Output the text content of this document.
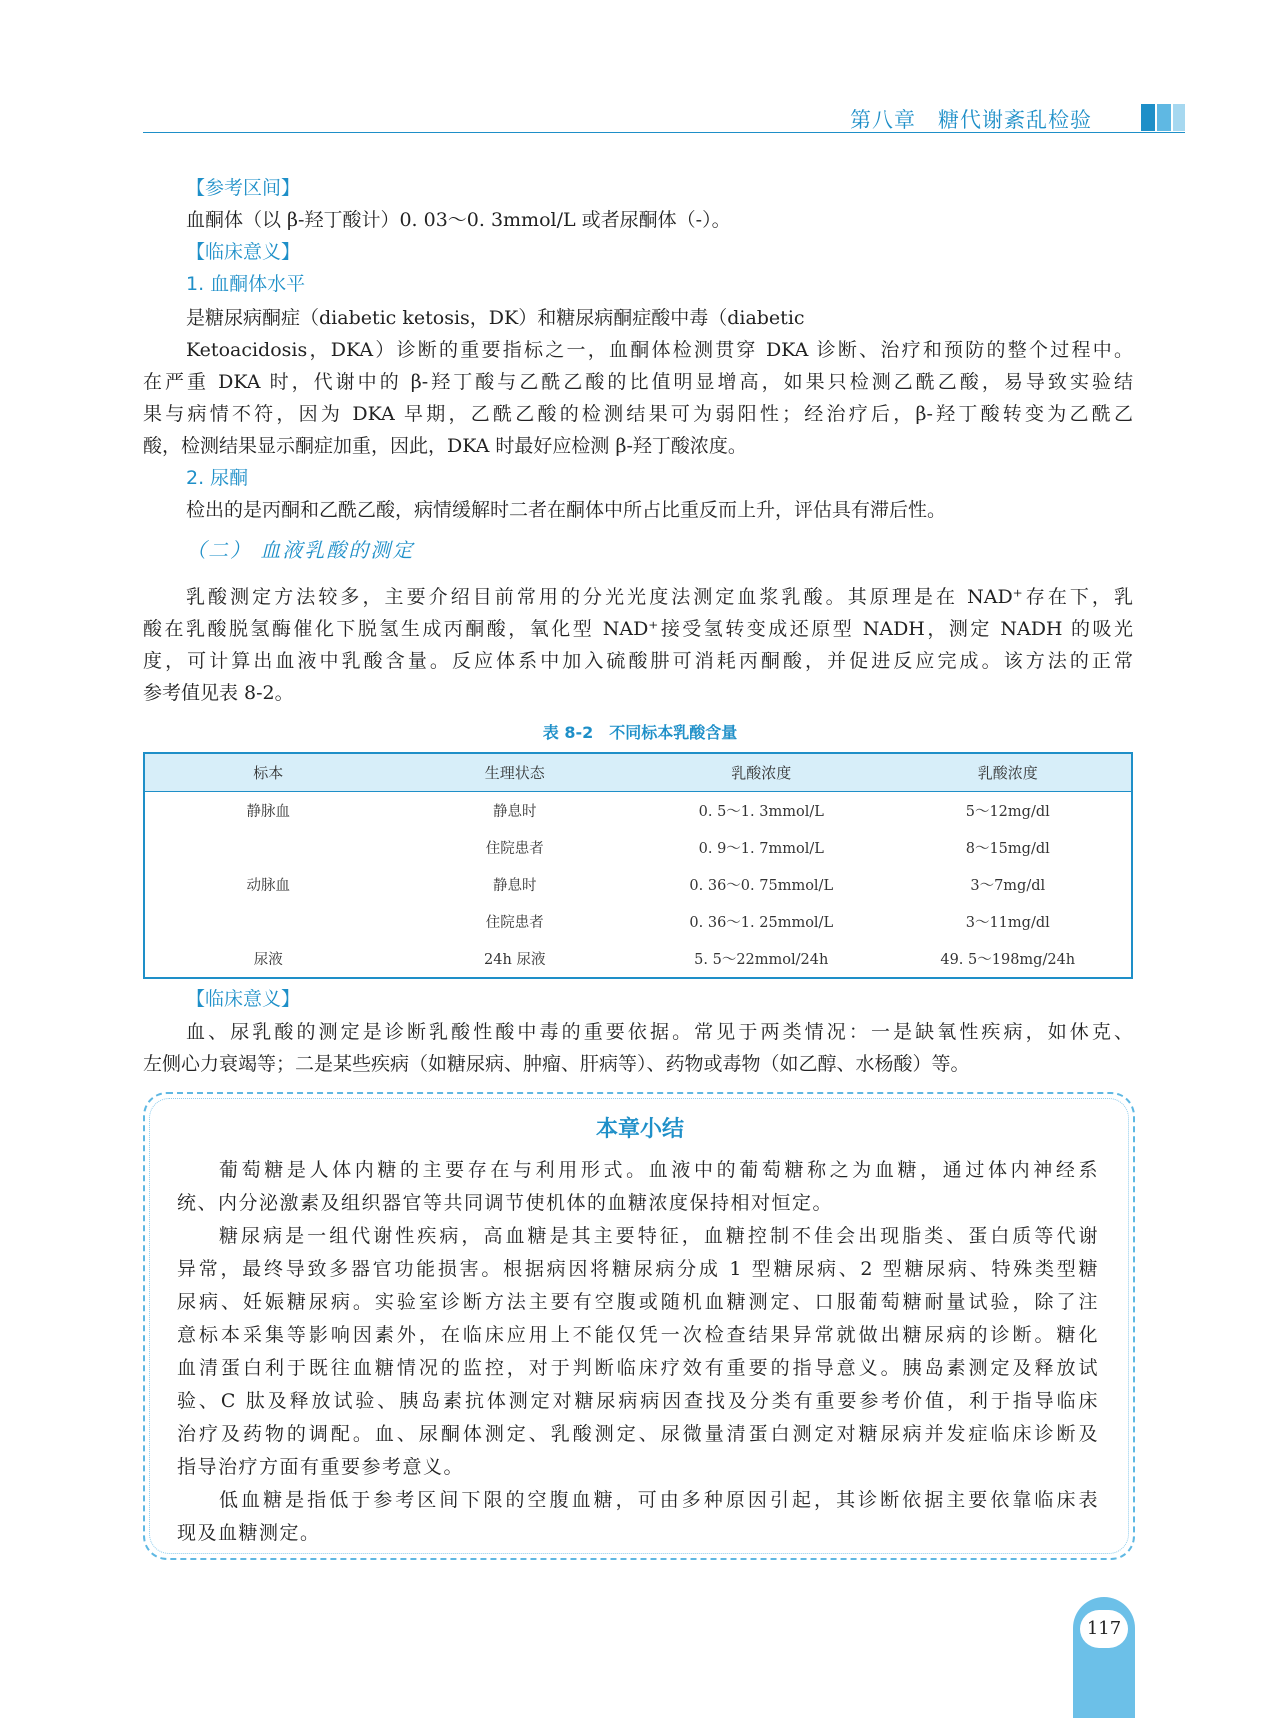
第八章　糖代谢紊乱检验
【参考区间】
血酮体（以 β-羟丁酸计）0. 03～0. 3mmol/L 或者尿酮体（-）。
【临床意义】
1. 血酮体水平
是糖尿病酮症（diabetic ketosis，DK）和糖尿病酮症酸中毒（diabetic
Ketoacidosis，DKA）诊断的重要指标之一，血酮体检测贯穿 DKA 诊断、治疗和预防的整个过程中。
在严重 DKA 时，代谢中的 β-羟丁酸与乙酰乙酸的比值明显增高，如果只检测乙酰乙酸，易导致实验结
果与病情不符，因为 DKA 早期，乙酰乙酸的检测结果可为弱阳性；经治疗后，β-羟丁酸转变为乙酰乙
酸，检测结果显示酮症加重，因此，DKA 时最好应检测 β-羟丁酸浓度。
2. 尿酮
检出的是丙酮和乙酰乙酸，病情缓解时二者在酮体中所占比重反而上升，评估具有滞后性。
（二） 血液乳酸的测定
乳酸测定方法较多，主要介绍目前常用的分光光度法测定血浆乳酸。其原理是在 NAD⁺存在下，乳
酸在乳酸脱氢酶催化下脱氢生成丙酮酸，氧化型 NAD⁺接受氢转变成还原型 NADH，测定 NADH 的吸光
度，可计算出血液中乳酸含量。反应体系中加入硫酸肼可消耗丙酮酸，并促进反应完成。该方法的正常
参考值见表 8-2。
表 8-2　不同标本乳酸含量
标本	生理状态	乳酸浓度	乳酸浓度
静脉血	静息时	0. 5～1. 3mmol/L	5～12mg/dl
	住院患者	0. 9～1. 7mmol/L	8～15mg/dl
动脉血	静息时	0. 36～0. 75mmol/L	3～7mg/dl
	住院患者	0. 36～1. 25mmol/L	3～11mg/dl
尿液	24h 尿液	5. 5～22mmol/24h	49. 5～198mg/24h
【临床意义】
血、尿乳酸的测定是诊断乳酸性酸中毒的重要依据。常见于两类情况：一是缺氧性疾病，如休克、
左侧心力衰竭等；二是某些疾病（如糖尿病、肿瘤、肝病等）、药物或毒物（如乙醇、水杨酸）等。
本章小结
葡萄糖是人体内糖的主要存在与利用形式。血液中的葡萄糖称之为血糖，通过体内神经系
统、内分泌激素及组织器官等共同调节使机体的血糖浓度保持相对恒定。
糖尿病是一组代谢性疾病，高血糖是其主要特征，血糖控制不佳会出现脂类、蛋白质等代谢
异常，最终导致多器官功能损害。根据病因将糖尿病分成 1 型糖尿病、2 型糖尿病、特殊类型糖
尿病、妊娠糖尿病。实验室诊断方法主要有空腹或随机血糖测定、口服葡萄糖耐量试验，除了注
意标本采集等影响因素外，在临床应用上不能仅凭一次检查结果异常就做出糖尿病的诊断。糖化
血清蛋白利于既往血糖情况的监控，对于判断临床疗效有重要的指导意义。胰岛素测定及释放试
验、C 肽及释放试验、胰岛素抗体测定对糖尿病病因查找及分类有重要参考价值，利于指导临床
治疗及药物的调配。血、尿酮体测定、乳酸测定、尿微量清蛋白测定对糖尿病并发症临床诊断及
指导治疗方面有重要参考意义。
低血糖是指低于参考区间下限的空腹血糖，可由多种原因引起，其诊断依据主要依靠临床表
现及血糖测定。
117
